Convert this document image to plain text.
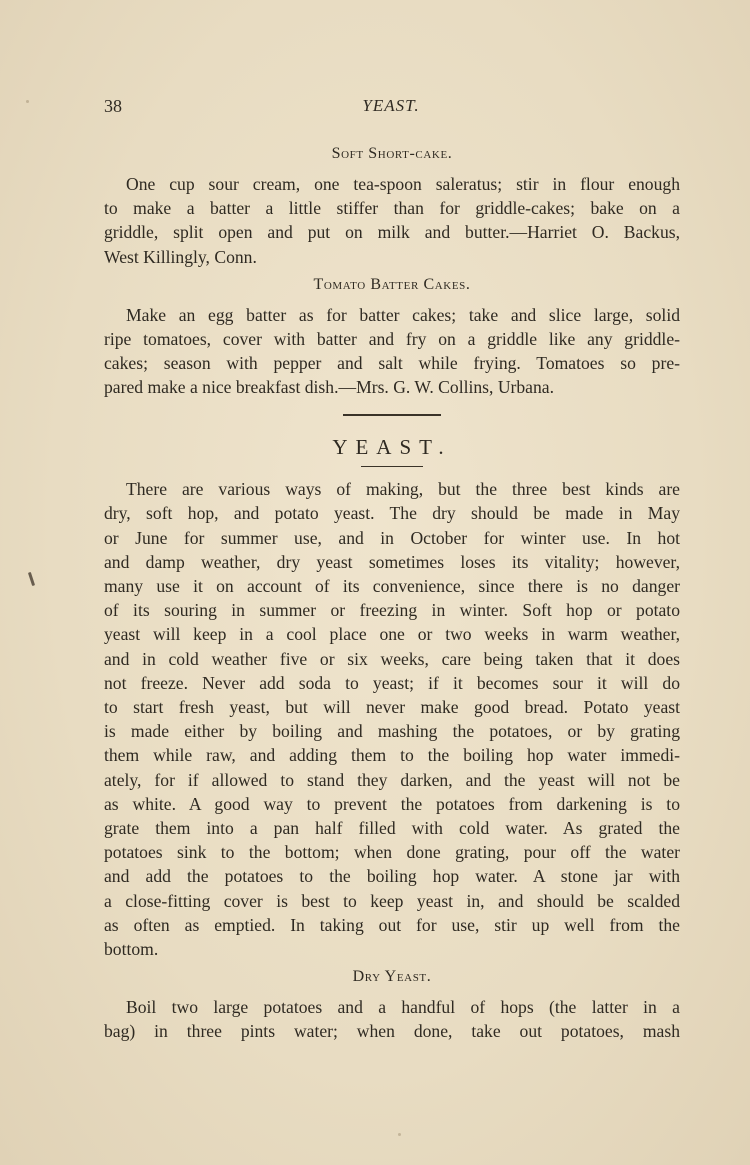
38	YEAST.
Soft Short-cake.

One cup sour cream, one tea-spoon saleratus; stir in flour enough
to make a batter a little stiffer than for griddle-cakes; bake on a
griddle, split open and put on milk and butter.—Harriet O. Backus,
West Killingly, Conn.

Tomato Batter Cakes.

Make an egg batter as for batter cakes; take and slice large, solid
ripe tomatoes, cover with batter and fry on a griddle like any griddle-
cakes; season with pepper and salt while frying. Tomatoes so pre-
pared make a nice breakfast dish.—Mrs. G. W. Collins, Urbana.

YEAST.

There are various ways of making, but the three best kinds are
dry, soft hop, and potato yeast. The dry should be made in May
or June for summer use, and in October for winter use. In hot
and damp weather, dry yeast sometimes loses its vitality; however,
many use it on account of its convenience, since there is no danger
of its souring in summer or freezing in winter. Soft hop or potato
yeast will keep in a cool place one or two weeks in warm weather,
and in cold weather five or six weeks, care being taken that it does
not freeze. Never add soda to yeast; if it becomes sour it will do
to start fresh yeast, but will never make good bread. Potato yeast
is made either by boiling and mashing the potatoes, or by grating
them while raw, and adding them to the boiling hop water immedi-
ately, for if allowed to stand they darken, and the yeast will not be
as white. A good way to prevent the potatoes from darkening is to
grate them into a pan half filled with cold water. As grated the
potatoes sink to the bottom; when done grating, pour off the water
and add the potatoes to the boiling hop water. A stone jar with
a close-fitting cover is best to keep yeast in, and should be scalded
as often as emptied. In taking out for use, stir up well from the
bottom.

Dry Yeast.

Boil two large potatoes and a handful of hops (the latter in a
bag) in three pints water; when done, take out potatoes, mash
